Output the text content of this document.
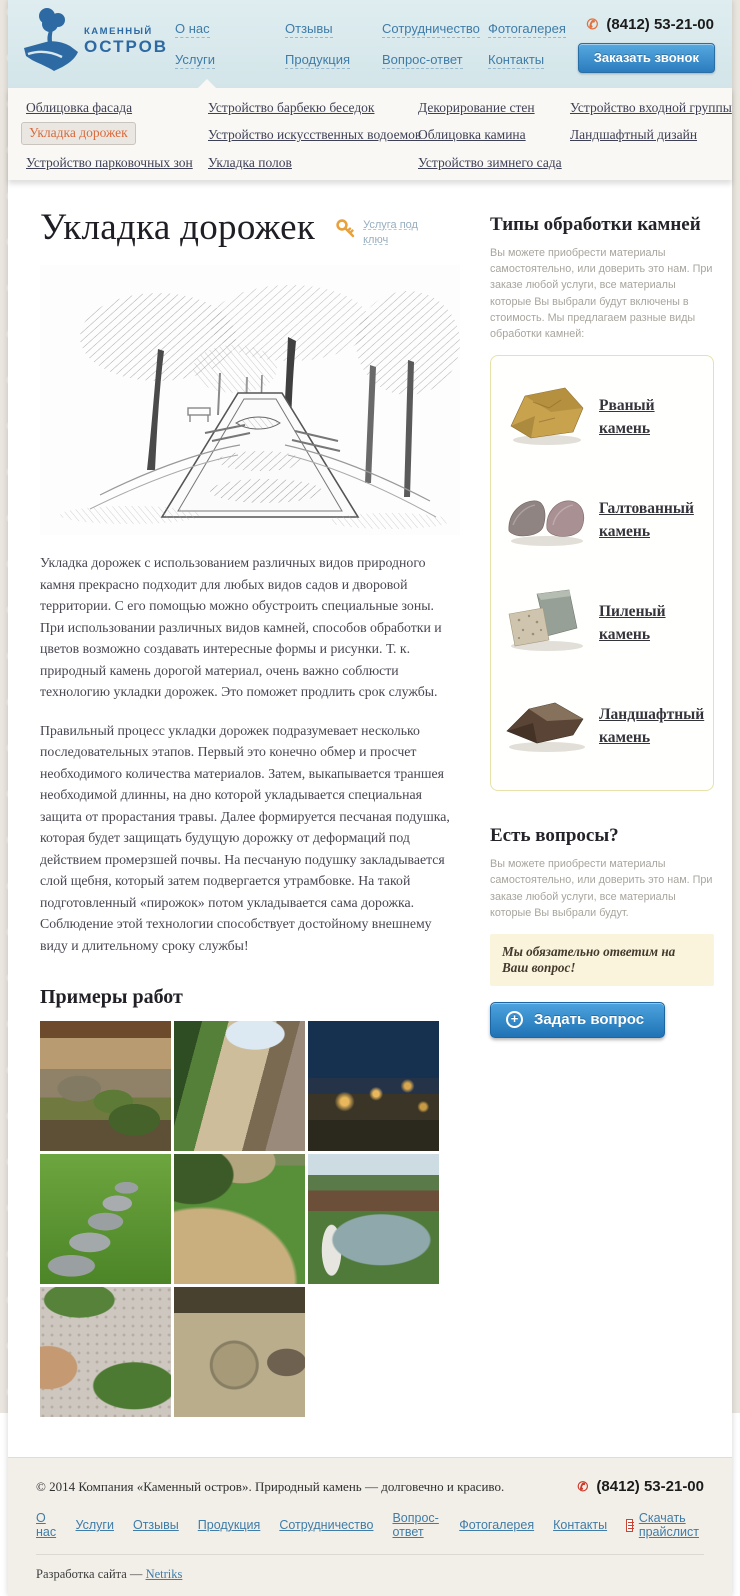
КАМЕННЫЙ
ОСТРОВ
О нас	Отзывы	Сотрудничество Фотогалерея
Услуги	Продукция Вопрос-ответ Контакты
✆ (8412) 53-21-00
Заказать звонок
Облицовка фасада
Укладка дорожек
Устройство парковочных зон
Устройство барбекю беседок
Устройство искусственных водоемов
Укладка полов
Декорирование стен
Облицовка камина
Устройство зимнего сада
Устройство входной группы
Ландшафтный дизайн
Укладка дорожек	Услуга под ключ

Укладка дорожек с использованием различных видов природного камня прекрасно подходит для любых видов садов и дворовой территории. С его помощью можно обустроить специальные зоны. При использовании различных видов камней, способов обработки и цветов возможно создавать интересные формы и рисунки. Т. к. природный камень дорогой материал, очень важно соблюсти технологию укладки дорожек. Это поможет продлить срок службы.

Правильный процесс укладки дорожек подразумевает несколько последовательных этапов. Первый это конечно обмер и просчет необходимого количества материалов. Затем, выкапывается траншея необходимой длинны, на дно которой укладывается специальная защита от прорастания травы. Далее формируется песчаная подушка, которая будет защищать будущую дорожку от деформаций под действием промерзшей почвы. На песчаную подушку закладывается слой щебня, который затем подвергается утрамбовке. На такой подготовленный «пирожок» потом укладывается сама дорожка. Соблюдение этой технологии способствует достойному внешнему виду и длительному сроку службы!

Примеры работ
Типы обработки камней

Вы можете приобрести материалы самостоятельно, или доверить это нам. При заказе любой услуги, все материалы которые Вы выбрали будут включены в стоимость. Мы предлагаем разные виды обработки камней:

Рваный
камень
Галтованный
камень
Пиленый
камень
Ландшафтный
камень
Есть вопросы?

Вы можете приобрести материалы самостоятельно, или доверить это нам. При заказе любой услуги, все материалы которые Вы выбрали будут.

Мы обязательно ответим на Ваш вопрос!
+	Задать вопрос
© 2014 Компания «Каменный остров». Природный камень — долговечно и красиво.	✆ (8412) 53-21-00
О нас Услуги Отзывы Продукция Сотрудничество Вопрос-ответ	Фотогалерея Контакты	Скачать прайслист
Разработка сайта — Netriks
